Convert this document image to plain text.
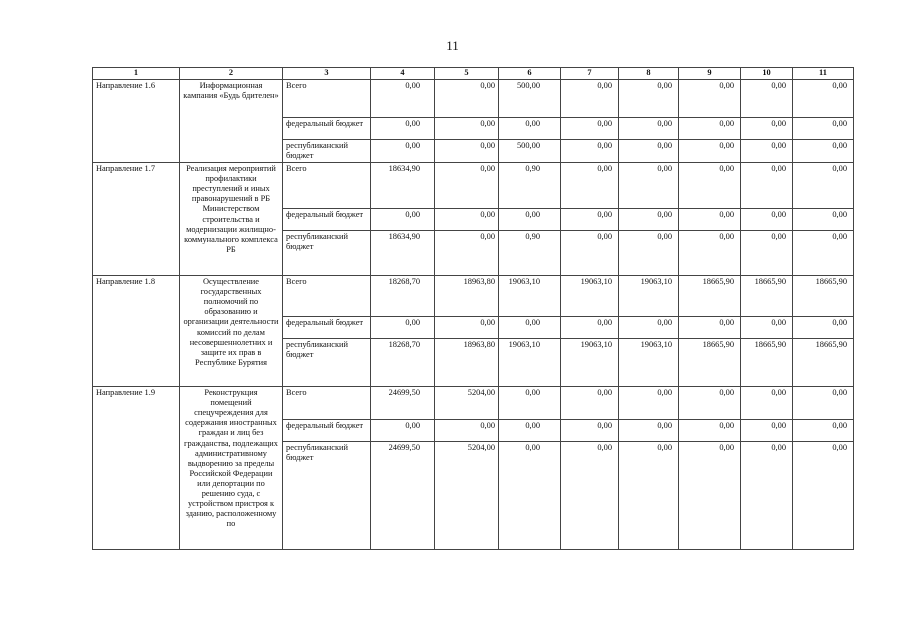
11
1	2	3	4	5	6	7	8	9	10	11
Направление 1.6	Информационная кампания «Будь бдителен»	Всего	0,00	0,00	500,00	0,00	0,00	0,00	0,00	0,00
		федеральный бюджет	0,00	0,00	0,00	0,00	0,00	0,00	0,00	0,00
		республиканский бюджет	0,00	0,00	500,00	0,00	0,00	0,00	0,00	0,00
Направление 1.7	Реализация мероприятий профилактики преступлений и иных правонарушений в РБ Министерством строительства и модернизации жилищно-коммунального комплекса РБ	Всего	18634,90	0,00	0,90	0,00	0,00	0,00	0,00	0,00
		федеральный бюджет	0,00	0,00	0,00	0,00	0,00	0,00	0,00	0,00
		республиканский бюджет	18634,90	0,00	0,90	0,00	0,00	0,00	0,00	0,00
Направление 1.8	Осуществление государственных полномочий по образованию и организации деятельности комиссий по делам несовершеннолетних и защите их прав в Республике Бурятия	Всего	18268,70	18963,80	19063,10	19063,10	19063,10	18665,90	18665,90	18665,90
		федеральный бюджет	0,00	0,00	0,00	0,00	0,00	0,00	0,00	0,00
		республиканский бюджет	18268,70	18963,80	19063,10	19063,10	19063,10	18665,90	18665,90	18665,90
Направление 1.9	Реконструкция помещений спецучреждения для содержания иностранных граждан и лиц без гражданства, подлежащих административному выдворению за пределы Российской Федерации или депортации по решению суда, с устройством пристроя к зданию, расположенному по	Всего	24699,50	5204,00	0,00	0,00	0,00	0,00	0,00	0,00
		федеральный бюджет	0,00	0,00	0,00	0,00	0,00	0,00	0,00	0,00
		республиканский бюджет	24699,50	5204,00	0,00	0,00	0,00	0,00	0,00	0,00
